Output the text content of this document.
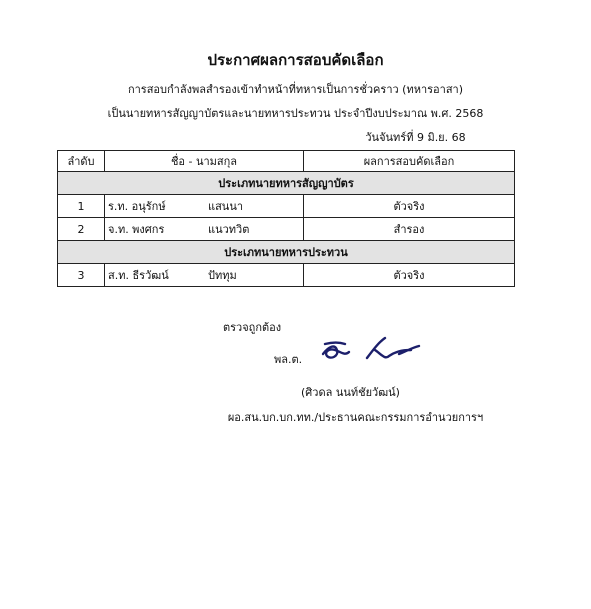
ประกาศผลการสอบคัดเลือก
การสอบกำลังพลสำรองเข้าทำหน้าที่ทหารเป็นการชั่วคราว (ทหารอาสา)
เป็นนายทหารสัญญาบัตรและนายทหารประทวน ประจำปีงบประมาณ พ.ศ. 2568
วันจันทร์ที่ 9 มิ.ย. 68
ลำดับ	ชื่อ - นามสกุล	ผลการสอบคัดเลือก
ประเภทนายทหารสัญญาบัตร		
1	ร.ท. อนุรักษ์ แสนนา	ตัวจริง
2	จ.ท. พงศกร แนวทวิต	สำรอง
ประเภทนายทหารประทวน		
3	ส.ท. ธีรวัฒน์ ปัททุม	ตัวจริง
ตรวจถูกต้อง
พล.ต.
(ศิวดล นนท์ชัยวัฒน์)
ผอ.สน.บก.บก.ทท./ประธานคณะกรรมการอำนวยการฯ
